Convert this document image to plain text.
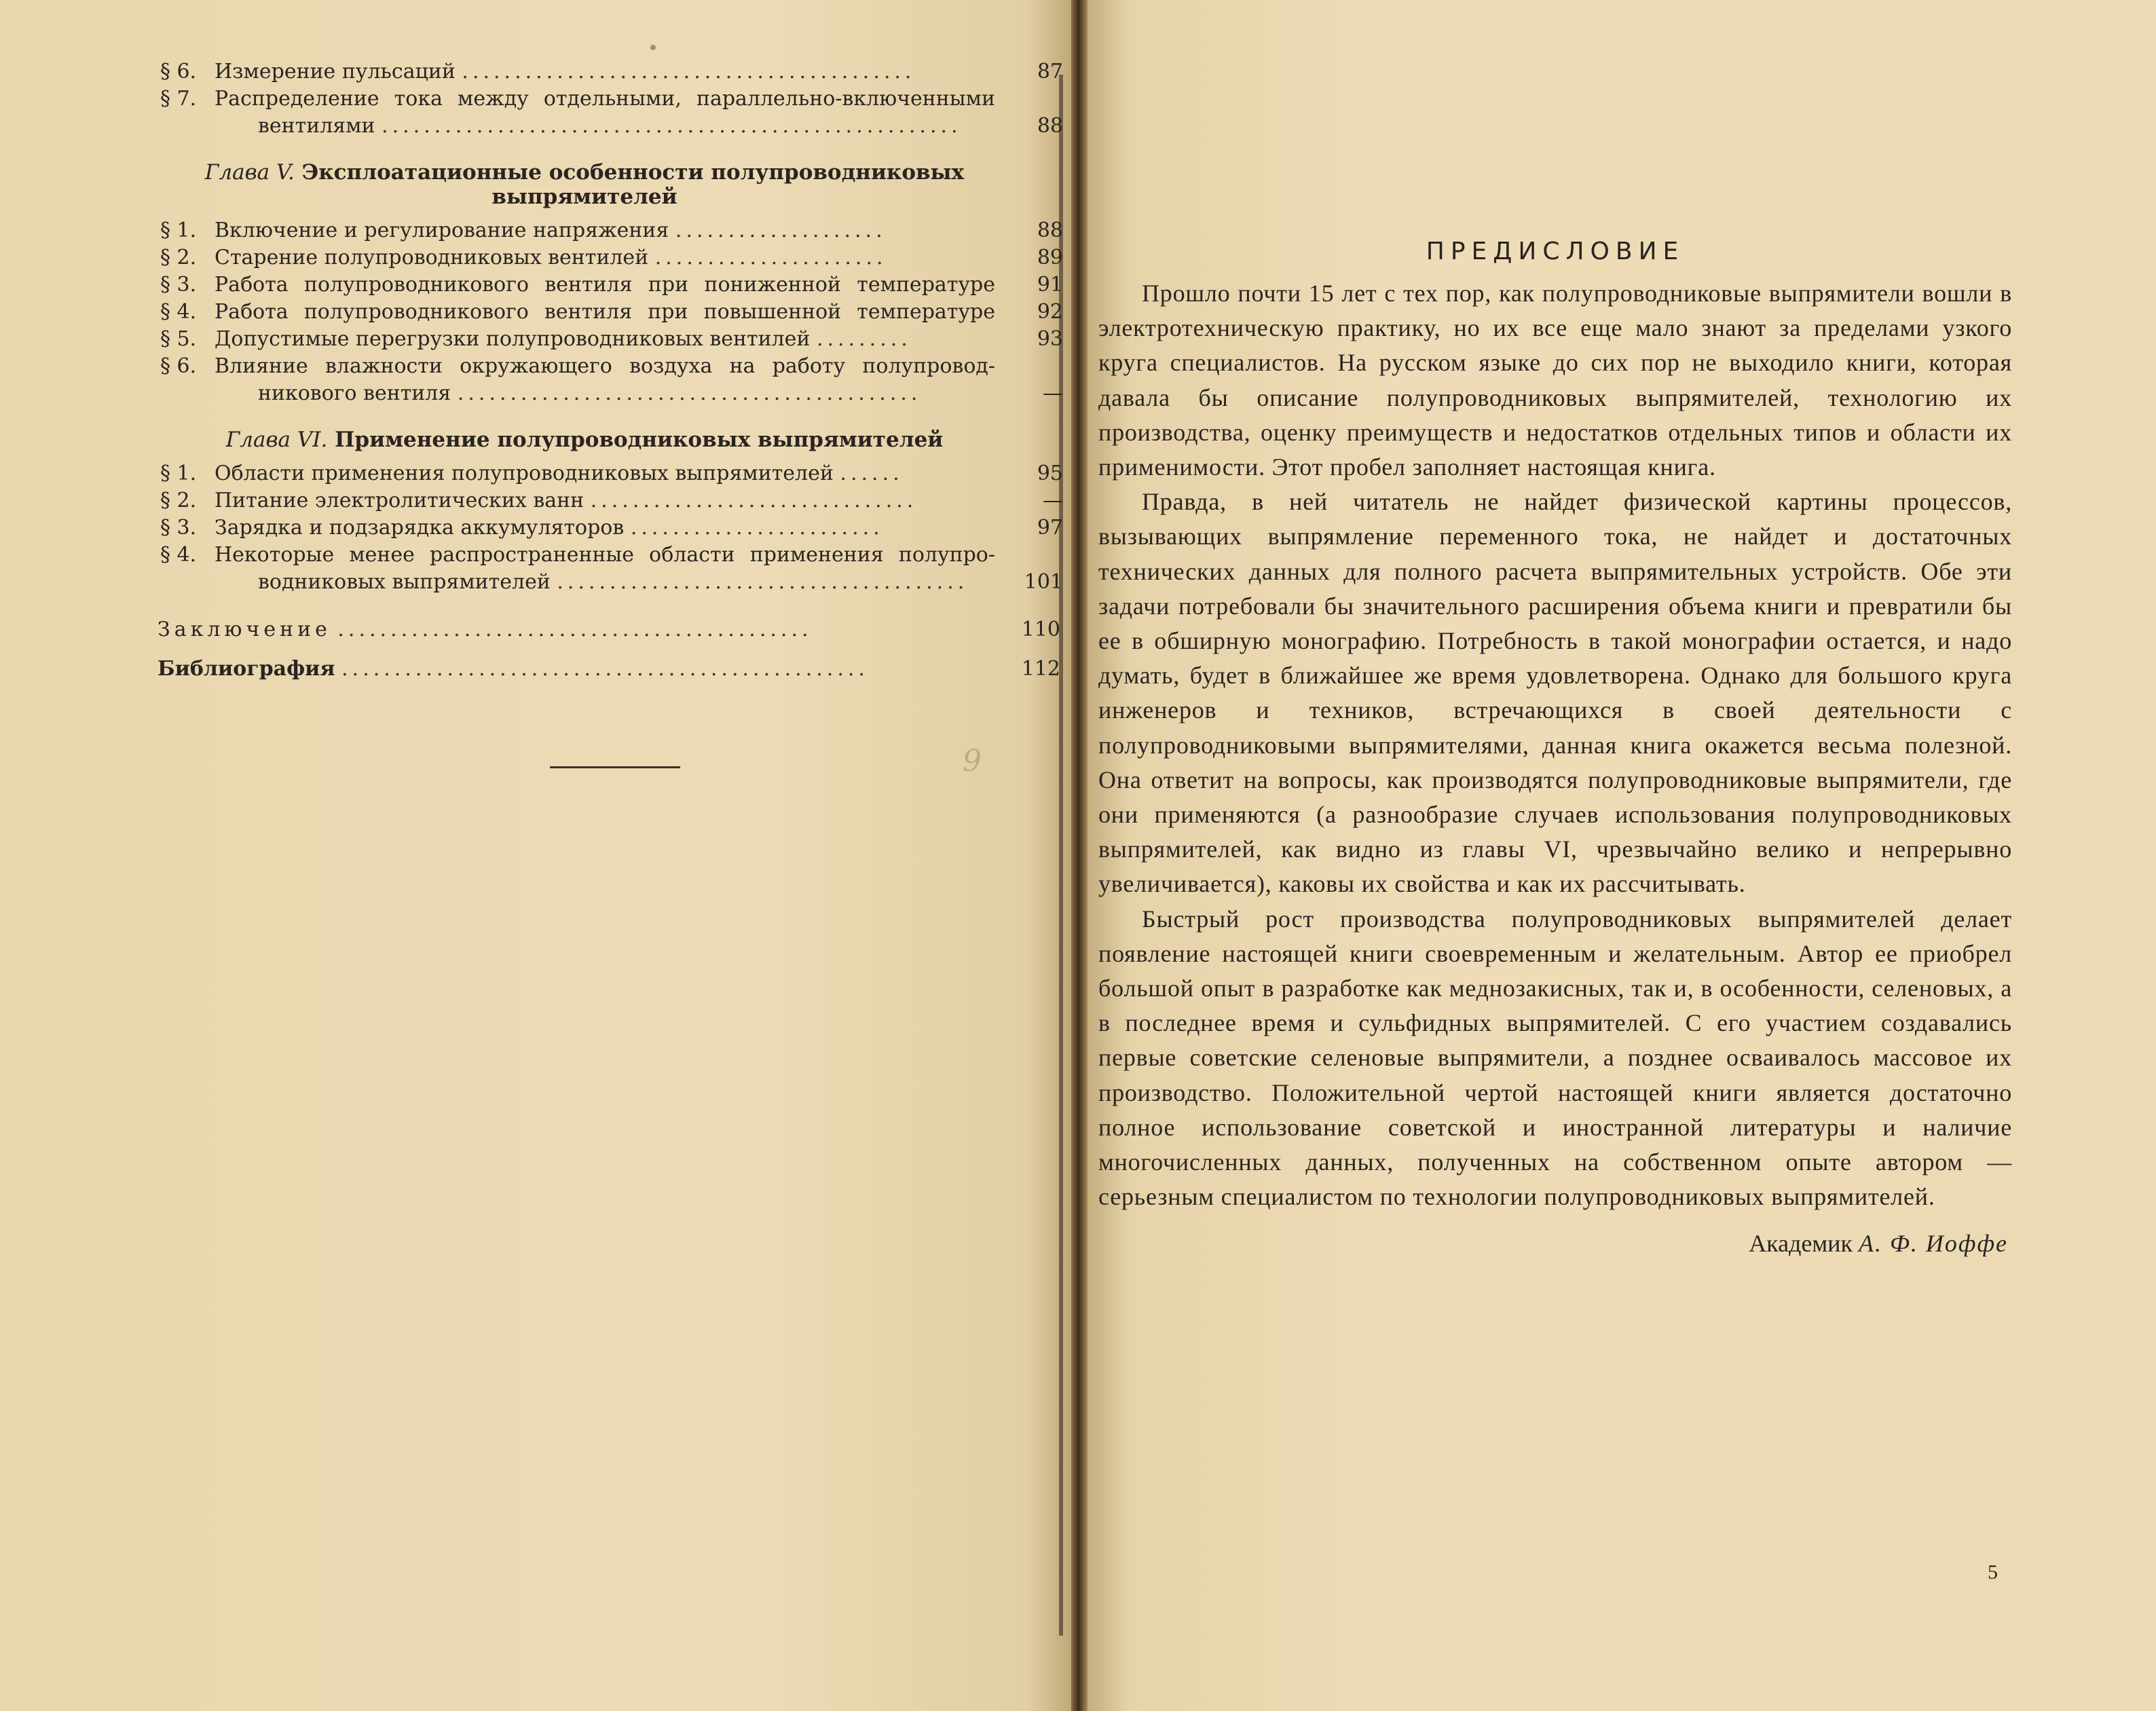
§ 6. Измерение пульсаций ...........................................	87
§ 7. Распределение тока между отдельными, параллельно-включенными
вентилями .......................................................	88
Глава V. Эксплоатационные особенности полупроводниковых
выпрямителей
§ 1. Включение и регулирование напряжения ....................	88
§ 2. Старение полупроводниковых вентилей ......................	89
§ 3. Работа полупроводникового вентиля при пониженной температуре	91
§ 4. Работа полупроводникового вентиля при повышенной температуре	92
§ 5. Допустимые перегрузки полупроводниковых вентилей .........	93
§ 6. Влияние влажности окружающего воздуха на работу полупровод-
никового вентиля ............................................	—
Глава VI. Применение полупроводниковых выпрямителей
§ 1. Области применения полупроводниковых выпрямителей ......	95
§ 2. Питание электролитических ванн ...............................	—
§ 3. Зарядка и подзарядка аккумуляторов ........................	97
§ 4. Некоторые менее распространенные области применения полупро-
водниковых выпрямителей .......................................	101
Заключение .............................................	110
Библиография ..................................................	112
9
ПРЕДИСЛОВИЕ

Прошло почти 15 лет с тех пор, как полупроводниковые выпрямители вошли в электротехническую практику, но их все еще мало знают за пределами узкого круга специалистов. На русском языке до сих пор не выходило книги, которая давала бы описание полупроводниковых выпрямителей, технологию их производства, оценку преимуществ и недостатков отдельных типов и области их применимости. Этот пробел заполняет настоящая книга.

Правда, в ней читатель не найдет физической картины процессов, вызывающих выпрямление переменного тока, не найдет и достаточных технических данных для полного расчета выпрямительных устройств. Обе эти задачи потребовали бы значительного расширения объема книги и превратили бы ее в обширную монографию. Потребность в такой монографии остается, и надо думать, будет в ближайшее же время удовлетворена. Однако для большого круга инженеров и техников, встречающихся в своей деятельности с полупроводниковыми выпрямителями, данная книга окажется весьма полезной. Она ответит на вопросы, как производятся полупроводниковые выпрямители, где они применяются (а разнообразие случаев использования полупроводниковых выпрямителей, как видно из главы VI, чрезвычайно велико и непрерывно увеличивается), каковы их свойства и как их рассчитывать.

Быстрый рост производства полупроводниковых выпрямителей делает появление настоящей книги своевременным и желательным. Автор ее приобрел большой опыт в разработке как меднозакисных, так и, в особенности, селеновых, а в последнее время и сульфидных выпрямителей. С его участием создавались первые советские селеновые выпрямители, а позднее осваивалось массовое их производство. Положительной чертой настоящей книги является достаточно полное использование советской и иностранной литературы и наличие многочисленных данных, полученных на собственном опыте автором — серьезным специалистом по технологии полупроводниковых выпрямителей.

Академик А. Ф. Иоффе
5
